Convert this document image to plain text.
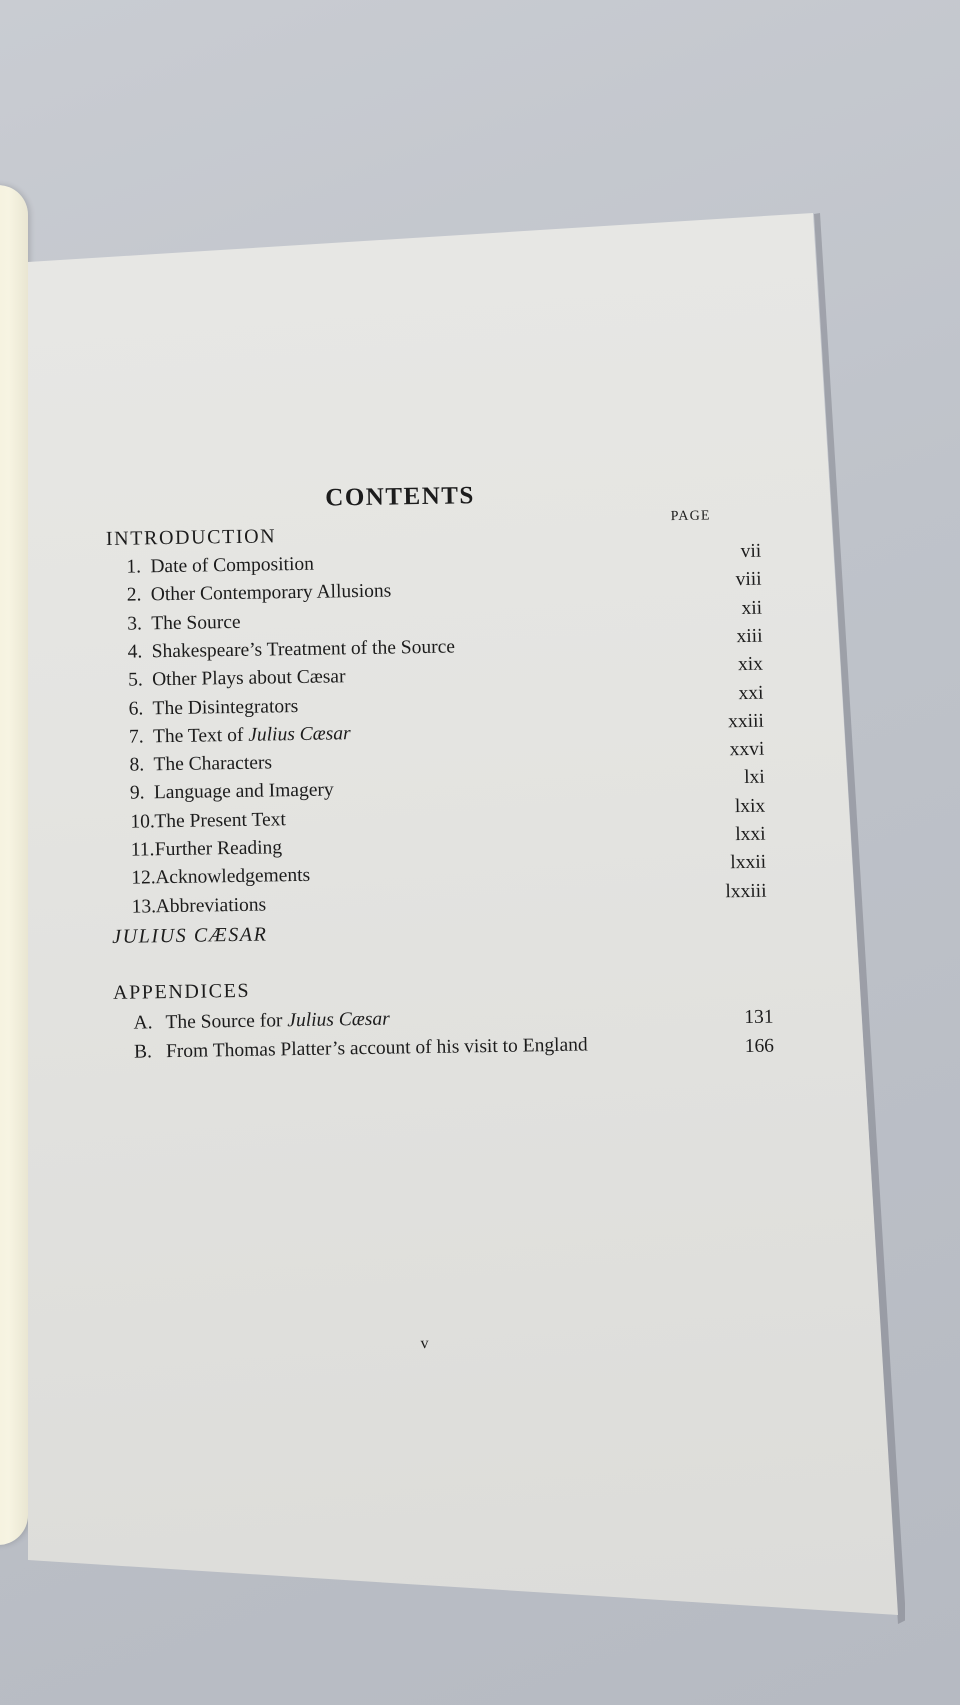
CONTENTS
PAGE
INTRODUCTION
1. Date of Composition
vii
2. Other Contemporary Allusions
viii
3. The Source
xii
4. Shakespeare’s Treatment of the Source
xiii
5. Other Plays about Cæsar
xix
6. The Disintegrators
xxi
7. The Text of Julius Cæsar
xxiii
8. The Characters
xxvi
9. Language and Imagery
lxi
10.The Present Text
lxix
11.Further Reading
lxxi
12.Acknowledgements
lxxii
13.Abbreviations
lxxiii
JULIUS CÆSAR
APPENDICES
A. The Source for Julius Cæsar	131
B. From Thomas Platter’s account of his visit to England	166
v
